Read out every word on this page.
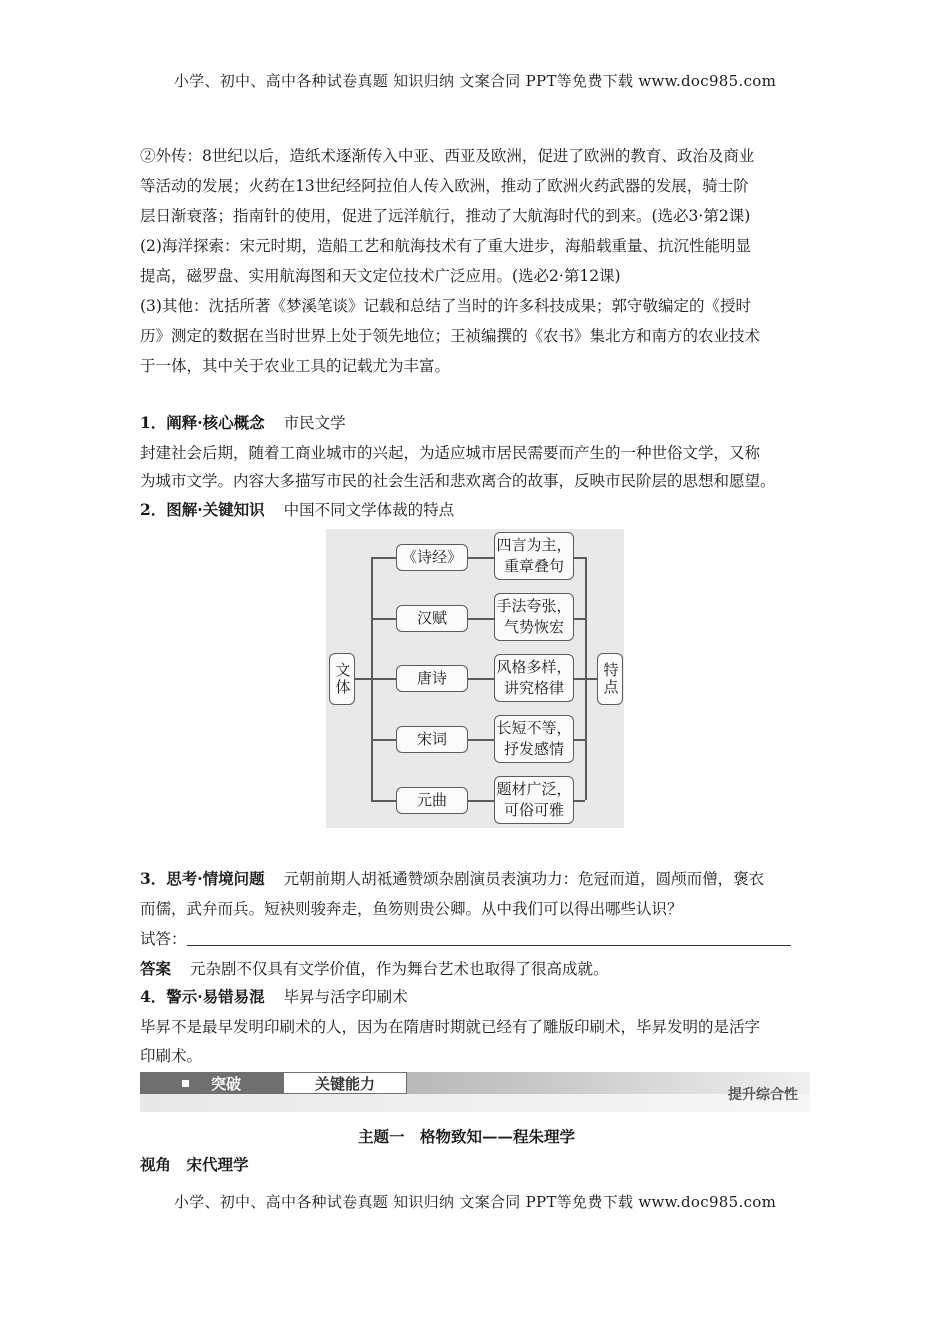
小学、初中、高中各种试卷真题 知识归纳 文案合同 PPT等免费下载 www.doc985.com
②外传：8世纪以后，造纸术逐渐传入中亚、西亚及欧洲，促进了欧洲的教育、政治及商业
等活动的发展；火药在13世纪经阿拉伯人传入欧洲，推动了欧洲火药武器的发展，骑士阶
层日渐衰落；指南针的使用，促进了远洋航行，推动了大航海时代的到来。(选必3·第2课)
(2)海洋探索：宋元时期，造船工艺和航海技术有了重大进步，海船载重量、抗沉性能明显
提高，磁罗盘、实用航海图和天文定位技术广泛应用。(选必2·第12课)
(3)其他：沈括所著《梦溪笔谈》记载和总结了当时的许多科技成果；郭守敬编定的《授时
历》测定的数据在当时世界上处于领先地位；王祯编撰的《农书》集北方和南方的农业技术
于一体，其中关于农业工具的记载尤为丰富。
1．阐释·核心概念 市民文学
封建社会后期，随着工商业城市的兴起，为适应城市居民需要而产生的一种世俗文学，又称
为城市文学。内容大多描写市民的社会生活和悲欢离合的故事，反映市民阶层的思想和愿望。
2．图解·关键知识 中国不同文学体裁的特点
3．思考·情境问题 元朝前期人胡祗遹赞颂杂剧演员表演功力：危冠而道，圆颅而僧，褒衣
而儒，武弁而兵。短袂则骏奔走，鱼笏则贵公卿。从中我们可以得出哪些认识？
试答：
答案 元杂剧不仅具有文学价值，作为舞台艺术也取得了很高成就。
4．警示·易错易混 毕昇与活字印刷术
毕昇不是最早发明印刷术的人，因为在隋唐时期就已经有了雕版印刷术，毕昇发明的是活字
印刷术。
主题一　格物致知——程朱理学
视角　宋代理学
文体	特点
《诗经》
四言为主，
重章叠句
汉赋
手法夸张，
气势恢宏
唐诗
风格多样，
讲究格律
宋词
长短不等，
抒发感情
元曲
题材广泛，
可俗可雅
突破	关键能力
提升综合性
小学、初中、高中各种试卷真题 知识归纳 文案合同 PPT等免费下载 www.doc985.com
